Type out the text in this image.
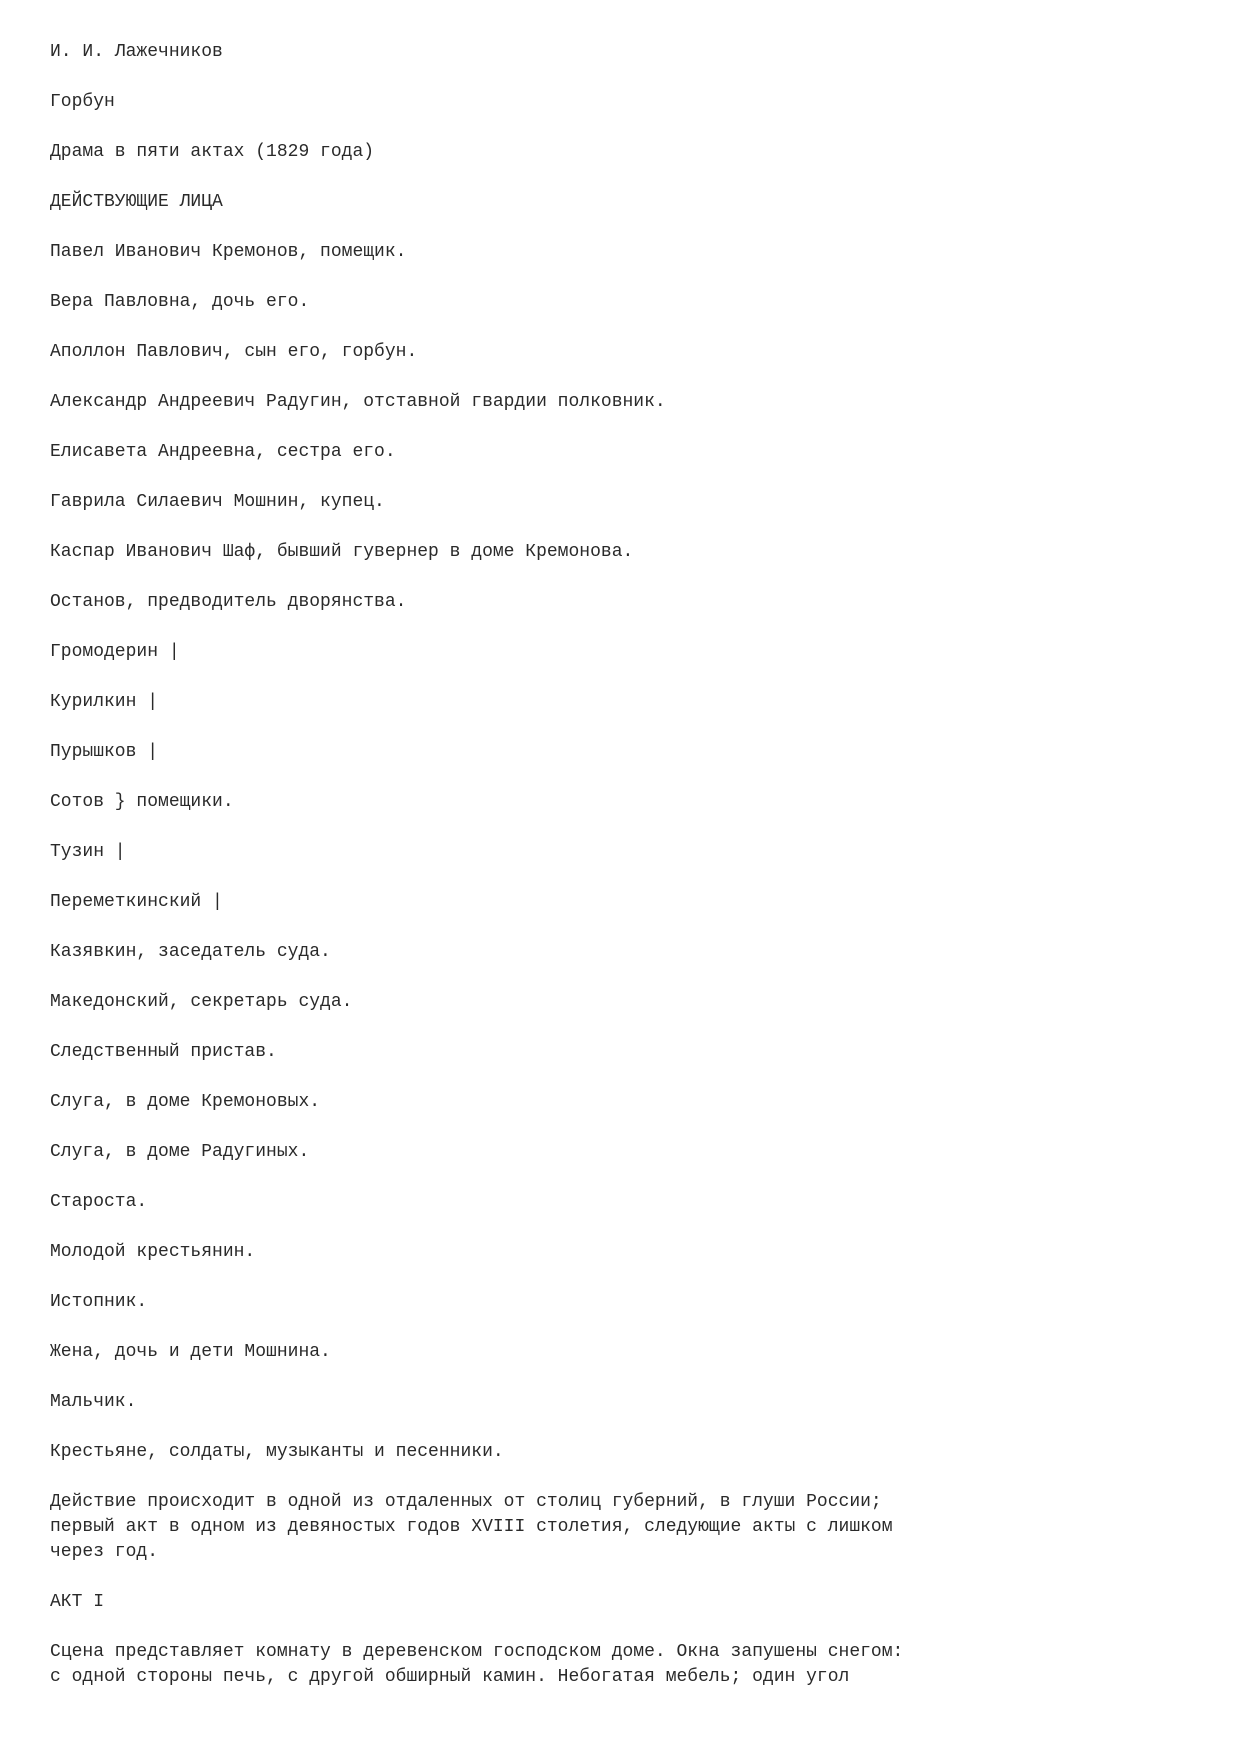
И. И. Лажечников
Горбун
Драма в пяти актах (1829 года)
ДЕЙСТВУЮЩИЕ ЛИЦА
Павел Иванович Кремонов, помещик.
Вера Павловна, дочь его.
Аполлон Павлович, сын его, горбун.
Александр Андреевич Радугин, отставной гвардии полковник.
Елисавета Андреевна, сестра его.
Гаврила Силаевич Мошнин, купец.
Каспар Иванович Шаф, бывший гувернер в доме Кремонова.
Останов, предводитель дворянства.
Громодерин |
Курилкин |
Пурышков |
Сотов } помещики.
Тузин |
Переметкинский |
Казявкин, заседатель суда.
Македонский, секретарь суда.
Следственный пристав.
Слуга, в доме Кремоновых.
Слуга, в доме Радугиных.
Староста.
Молодой крестьянин.
Истопник.
Жена, дочь и дети Мошнина.
Мальчик.
Крестьяне, солдаты, музыканты и песенники.
Действие происходит в одной из отдаленных от столиц губерний, в глуши России;
первый акт в одном из девяностых годов XVIII столетия, следующие акты с лишком
через год.
АКТ I
Сцена представляет комнату в деревенском господском доме. Окна запушены снегом:
с одной стороны печь, с другой обширный камин. Небогатая мебель; один угол
